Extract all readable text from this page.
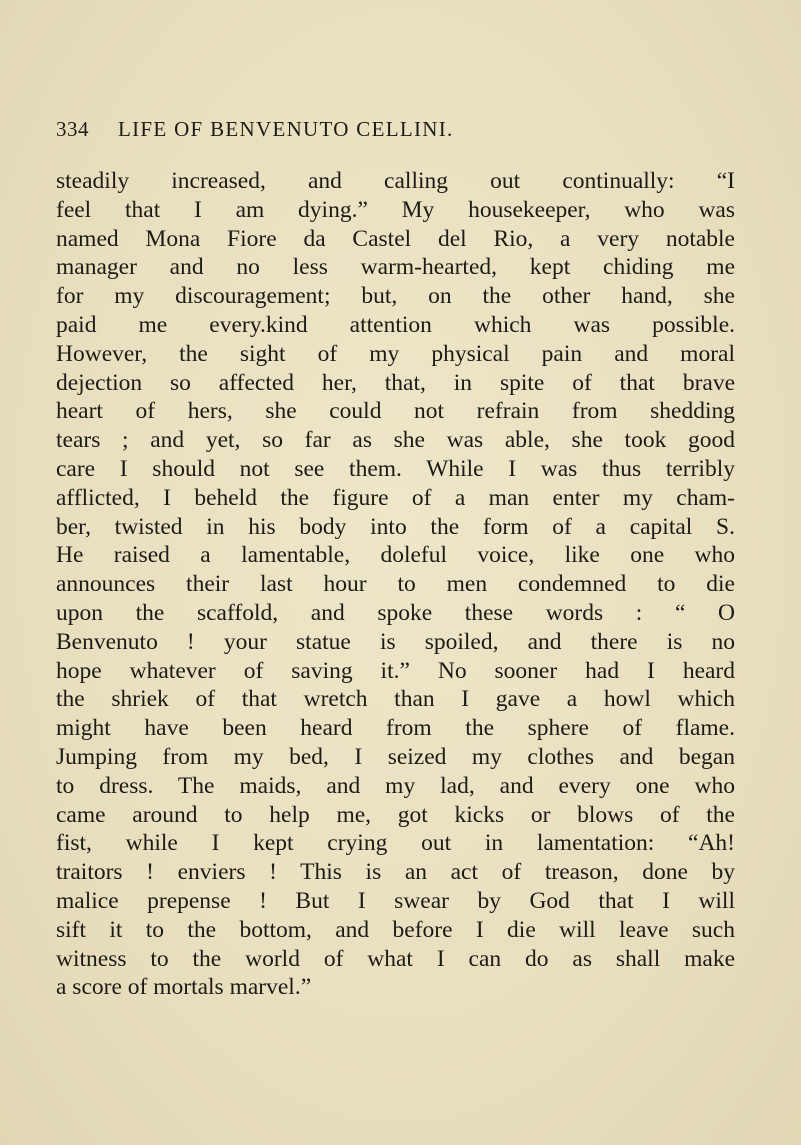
334 LIFE OF BENVENUTO CELLINI.
steadily increased, and calling out continually: “I
feel that I am dying.” My housekeeper, who was
named Mona Fiore da Castel del Rio, a very notable
manager and no less warm-hearted, kept chiding me
for my discouragement; but, on the other hand, she
paid me every.kind attention which was possible.
However, the sight of my physical pain and moral
dejection so affected her, that, in spite of that brave
heart of hers, she could not refrain from shedding
tears ; and yet, so far as she was able, she took good
care I should not see them. While I was thus terribly
afflicted, I beheld the figure of a man enter my cham-
ber, twisted in his body into the form of a capital S.
He raised a lamentable, doleful voice, like one who
announces their last hour to men condemned to die
upon the scaffold, and spoke these words : “ O
Benvenuto ! your statue is spoiled, and there is no
hope whatever of saving it.” No sooner had I heard
the shriek of that wretch than I gave a howl which
might have been heard from the sphere of flame.
Jumping from my bed, I seized my clothes and began
to dress. The maids, and my lad, and every one who
came around to help me, got kicks or blows of the
fist, while I kept crying out in lamentation: “Ah!
traitors ! enviers ! This is an act of treason, done by
malice prepense ! But I swear by God that I will
sift it to the bottom, and before I die will leave such
witness to the world of what I can do as shall make
a score of mortals marvel.”
